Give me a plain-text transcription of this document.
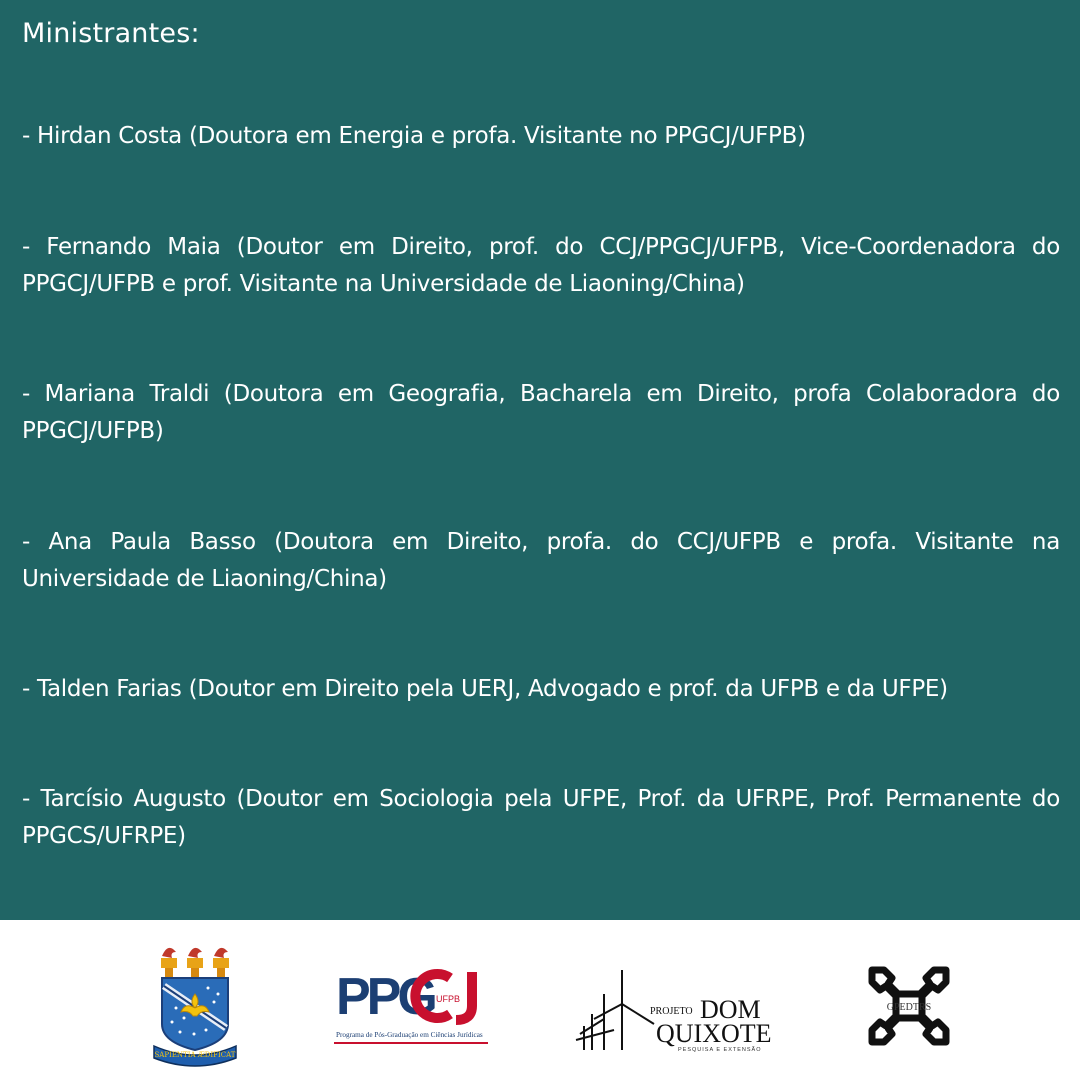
Ministrantes:
- Hirdan Costa (Doutora em Energia e profa. Visitante no PPGCJ/UFPB)
- Fernando Maia (Doutor em Direito, prof. do CCJ/PPGCJ/UFPB, Vice-Coordenadora do PPGCJ/UFPB e prof. Visitante na Universidade de Liaoning/China)
- Mariana Traldi (Doutora em Geografia, Bacharela em Direito, profa Colaboradora do PPGCJ/UFPB)
- Ana Paula Basso (Doutora em Direito, profa. do CCJ/UFPB e profa. Visitante na Universidade de Liaoning/China)
- Talden Farias (Doutor em Direito pela UERJ, Advogado e prof. da UFPB e da UFPE)
- Tarcísio Augusto (Doutor em Sociologia pela UFPE, Prof. da UFRPE, Prof. Permanente do PPGCS/UFRPE)
SAPIENTIA ÆDIFICAT
PPG UFPB
Programa de Pós-Graduação em Ciências Jurídicas
PROJETO DOM
QUIXOTE
PESQUISA E EXTENSÃO
GPEDTRS
